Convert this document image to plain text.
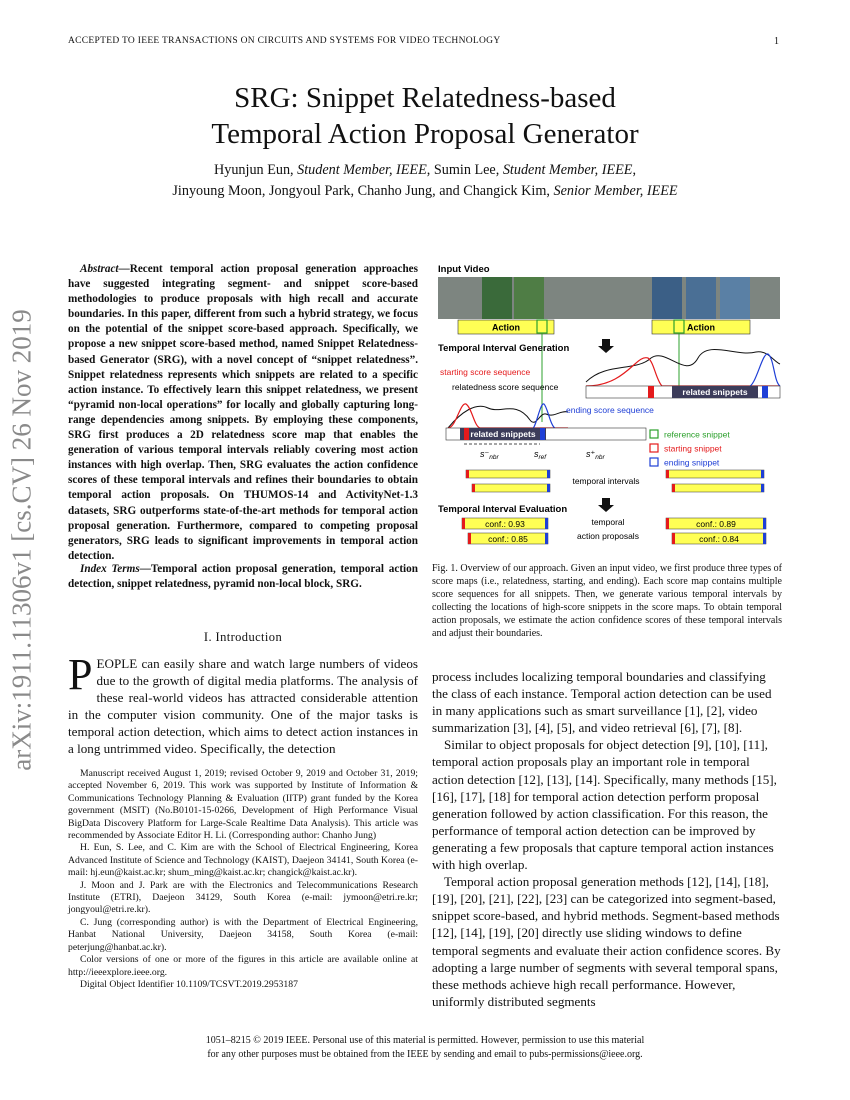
ACCEPTED TO IEEE TRANSACTIONS ON CIRCUITS AND SYSTEMS FOR VIDEO TECHNOLOGY	1
SRG: Snippet Relatedness-based
Temporal Action Proposal Generator
Hyunjun Eun, Student Member, IEEE, Sumin Lee, Student Member, IEEE,
Jinyoung Moon, Jongyoul Park, Chanho Jung, and Changick Kim, Senior Member, IEEE
arXiv:1911.11306v1 [cs.CV] 26 Nov 2019
Abstract—Recent temporal action proposal generation approaches have suggested integrating segment- and snippet score-based methodologies to produce proposals with high recall and accurate boundaries. In this paper, different from such a hybrid strategy, we focus on the potential of the snippet score-based approach. Specifically, we propose a new snippet score-based method, named Snippet Relatedness-based Generator (SRG), with a novel concept of “snippet relatedness”. Snippet relatedness represents which snippets are related to a specific action instance. To effectively learn this snippet relatedness, we present “pyramid non-local operations” for locally and globally capturing long-range dependencies among snippets. By employing these components, SRG first produces a 2D relatedness score map that enables the generation of various temporal intervals reliably covering most action instances with high overlap. Then, SRG evaluates the action confidence scores of these temporal intervals and refines their boundaries to obtain temporal action proposals. On THUMOS-14 and ActivityNet-1.3 datasets, SRG outperforms state-of-the-art methods for temporal action proposal generation. Furthermore, compared to competing proposal generators, SRG leads to significant improvements in temporal action detection.
Index Terms—Temporal action proposal generation, temporal action detection, snippet relatedness, pyramid non-local block, SRG.
I. Introduction
PEOPLE can easily share and watch large numbers of videos due to the growth of digital media platforms. The analysis of these real-world videos has attracted considerable attention in the computer vision community. One of the major tasks is temporal action detection, which aims to detect action instances in a long untrimmed video. Specifically, the detection

Manuscript received August 1, 2019; revised October 9, 2019 and October 31, 2019; accepted November 6, 2019. This work was supported by Institute of Information & Communications Technology Planning & Evaluation (IITP) grant funded by the Korea government (MSIT) (No.B0101-15-0266, Development of High Performance Visual BigData Discovery Platform for Large-Scale Realtime Data Analysis). This article was recommended by Associate Editor H. Li. (Corresponding author: Chanho Jung)

H. Eun, S. Lee, and C. Kim are with the School of Electrical Engineering, Korea Advanced Institute of Science and Technology (KAIST), Daejeon 34141, South Korea (e-mail: hj.eun@kaist.ac.kr; shum_ming@kaist.ac.kr; changick@kaist.ac.kr).

J. Moon and J. Park are with the Electronics and Telecommunications Research Institute (ETRI), Daejeon 34129, South Korea (e-mail: jymoon@etri.re.kr; jongyoul@etri.re.kr).

C. Jung (corresponding author) is with the Department of Electrical Engineering, Hanbat National University, Daejeon 34158, South Korea (e-mail: peterjung@hanbat.ac.kr).

Color versions of one or more of the figures in this article are available online at http://ieeexplore.ieee.org.

Digital Object Identifier 10.1109/TCSVT.2019.2953187

Input Video
Action	Action
Temporal Interval Generation
starting score sequence
relatedness score sequence	related snippets
ending score sequence
related snippets
$s^-_{nbr}$	$s_{ref}$	$s^+_{nbr}$
reference snippet
starting snippet
ending snippet
temporal intervals
Temporal Interval Evaluation
conf.: 0.93
conf.: 0.85
temporal
action proposals
conf.: 0.89
conf.: 0.84
Fig. 1. Overview of our approach. Given an input video, we first produce three types of score maps (i.e., relatedness, starting, and ending). Each score map contains multiple score sequences for all snippets. Then, we generate various temporal intervals by collecting the locations of high-score snippets in the score maps. To obtain temporal action proposals, we estimate the action confidence scores of these temporal intervals and adjust their boundaries.

process includes localizing temporal boundaries and classifying the class of each instance. Temporal action detection can be used in many applications such as smart surveillance [1], [2], video summarization [3], [4], [5], and video retrieval [6], [7], [8].

Similar to object proposals for object detection [9], [10], [11], temporal action proposals play an important role in temporal action detection [12], [13], [14]. Specifically, many methods [15], [16], [17], [18] for temporal action detection perform proposal generation followed by action classification. For this reason, the performance of temporal action detection can be improved by generating a few proposals that capture temporal action instances with high overlap.

Temporal action proposal generation methods [12], [14], [18], [19], [20], [21], [22], [23] can be categorized into segment-based, snippet score-based, and hybrid methods. Segment-based methods [12], [14], [19], [20] directly use sliding windows to define temporal segments and evaluate their action confidence scores. By adopting a large number of segments with several temporal spans, these methods achieve high recall performance. However, uniformly distributed segments

1051–8215 © 2019 IEEE. Personal use of this material is permitted. However, permission to use this material
for any other purposes must be obtained from the IEEE by sending and email to pubs-permissions@ieee.org.
